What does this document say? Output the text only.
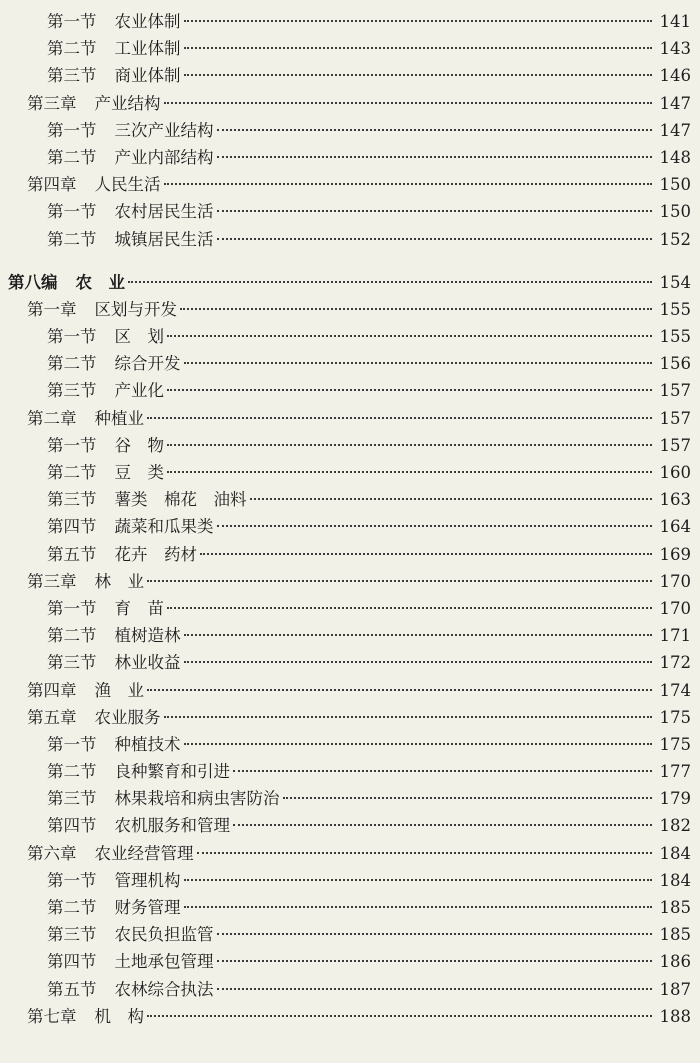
第一节 农业体制	141
第二节 工业体制	143
第三节 商业体制	146
第三章 产业结构	147
第一节 三次产业结构	147
第二节 产业内部结构	148
第四章 人民生活	150
第一节 农村居民生活	150
第二节 城镇居民生活	152
第八编 农　业	154
第一章 区划与开发	155
第一节 区　划	155
第二节 综合开发	156
第三节 产业化	157
第二章 种植业	157
第一节 谷　物	157
第二节 豆　类	160
第三节 薯类　棉花　油料	163
第四节 蔬菜和瓜果类	164
第五节 花卉　药材	169
第三章 林　业	170
第一节 育　苗	170
第二节 植树造林	171
第三节 林业收益	172
第四章 渔　业	174
第五章 农业服务	175
第一节 种植技术	175
第二节 良种繁育和引进	177
第三节 林果栽培和病虫害防治	179
第四节 农机服务和管理	182
第六章 农业经营管理	184
第一节 管理机构	184
第二节 财务管理	185
第三节 农民负担监管	185
第四节 土地承包管理	186
第五节 农林综合执法	187
第七章 机　构	188
